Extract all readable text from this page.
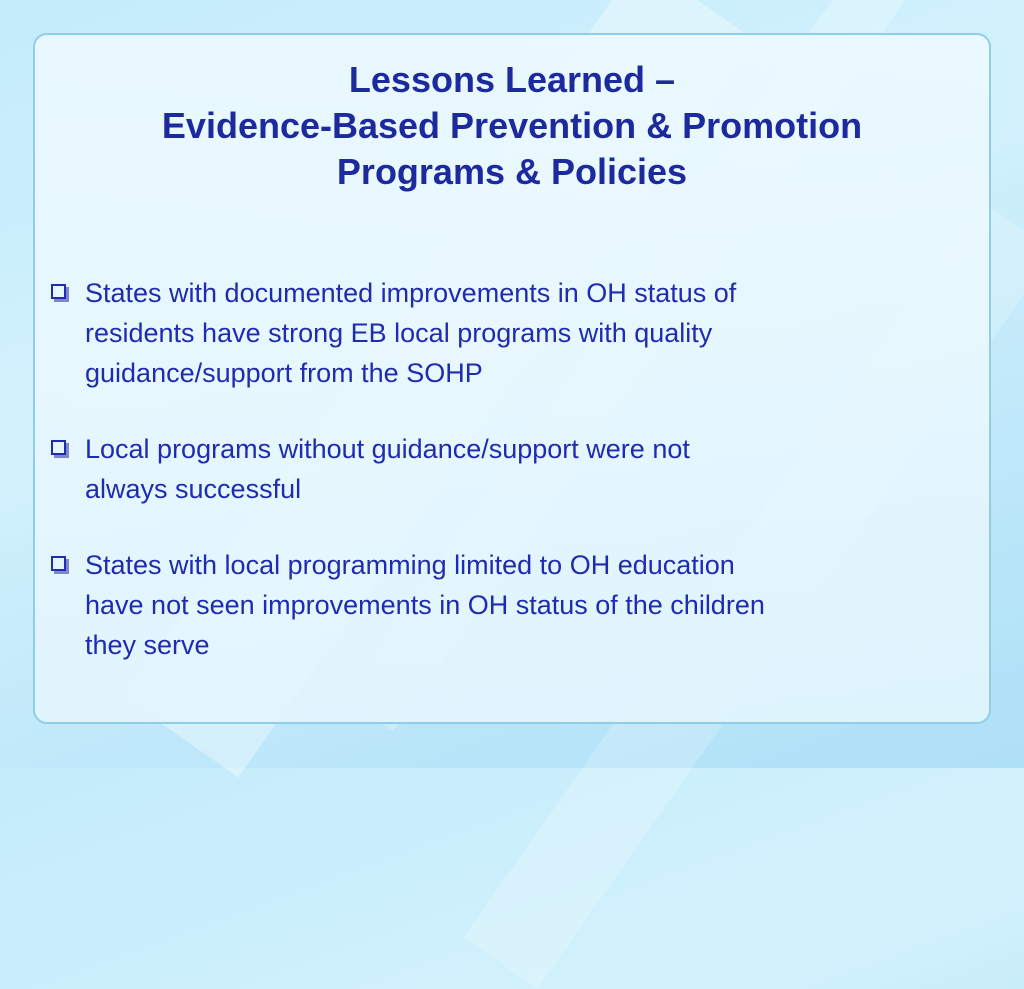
Lessons Learned –
Evidence-Based Prevention & Promotion
Programs & Policies
States with documented improvements in OH status of
residents have strong EB local programs with quality
guidance/support from the SOHP
Local programs without guidance/support were not
always successful
States with local programming limited to OH education
have not seen improvements in OH status of the children
they serve
